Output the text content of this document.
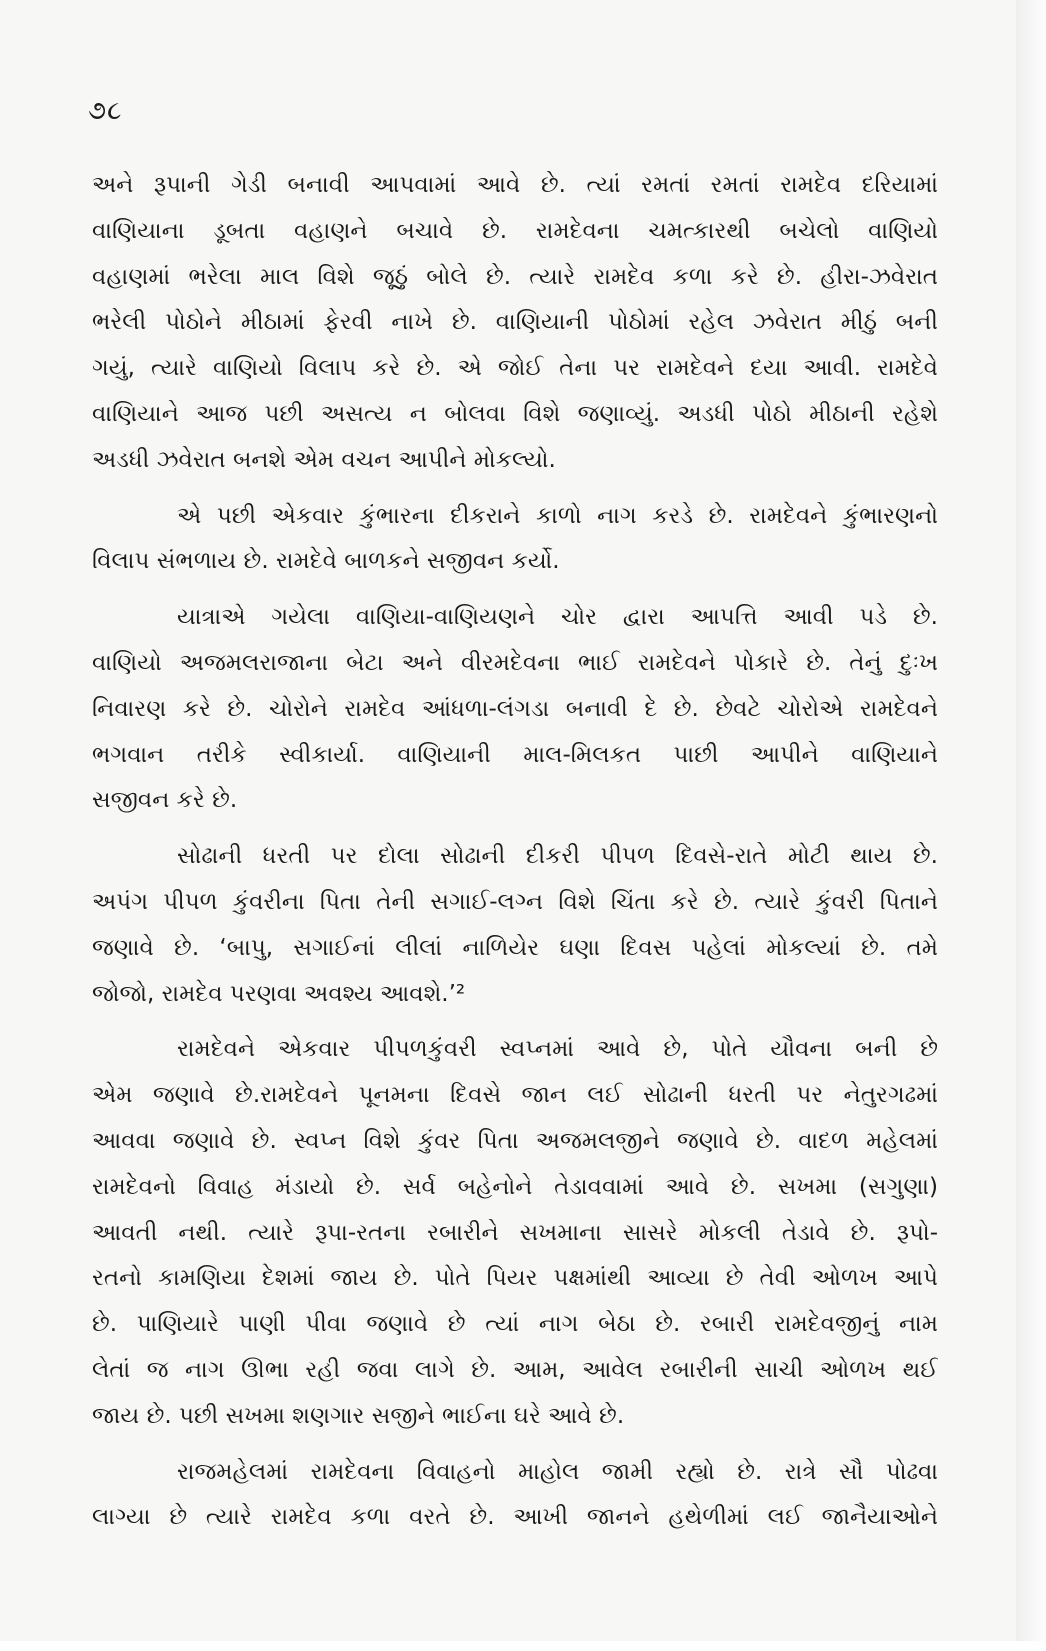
૭૮
અને રૂપાની ગેડી બનાવી આપવામાં આવે છે. ત્યાં રમતાં રમતાં રામદેવ દરિયામાં
વાણિયાના ડૂબતા વહાણને બચાવે છે. રામદેવના ચમત્કારથી બચેલો વાણિયો
વહાણમાં ભરેલા માલ વિશે જૂઠું બોલે છે. ત્યારે રામદેવ કળા કરે છે. હીરા-ઝવેરાત
ભરેલી પોઠોને મીઠામાં ફેરવી નાખે છે. વાણિયાની પોઠોમાં રહેલ ઝવેરાત મીઠું બની
ગયું, ત્યારે વાણિયો વિલાપ કરે છે. એ જોઈ તેના પર રામદેવને દયા આવી. રામદેવે
વાણિયાને આજ પછી અસત્ય ન બોલવા વિશે જણાવ્યું. અડધી પોઠો મીઠાની રહેશે
અડધી ઝવેરાત બનશે એમ વચન આપીને મોકલ્યો.
એ પછી એકવાર કુંભારના દીકરાને કાળો નાગ કરડે છે. રામદેવને કુંભારણનો
વિલાપ સંભળાય છે. રામદેવે બાળકને સજીવન કર્યો.
યાત્રાએ ગયેલા વાણિયા-વાણિયણને ચોર દ્વારા આપત્તિ આવી પડે છે.
વાણિયો અજમલરાજાના બેટા અને વીરમદેવના ભાઈ રામદેવને પોકારે છે. તેનું દુઃખ
નિવારણ કરે છે. ચોરોને રામદેવ આંધળા-લંગડા બનાવી દે છે. છેવટે ચોરોએ રામદેવને
ભગવાન તરીકે સ્વીકાર્યા. વાણિયાની માલ-મિલકત પાછી આપીને વાણિયાને
સજીવન કરે છે.
સોઢાની ધરતી પર દોલા સોઢાની દીકરી પીપળ દિવસે-રાતે મોટી થાય છે.
અપંગ પીપળ કુંવરીના પિતા તેની સગાઈ-લગ્ન વિશે ચિંતા કરે છે. ત્યારે કુંવરી પિતાને
જણાવે છે. ‘બાપુ, સગાઈનાં લીલાં નાળિયેર ઘણા દિવસ પહેલાં મોકલ્યાં છે. તમે
જોજો, રામદેવ પરણવા અવશ્ય આવશે.’²
રામદેવને એકવાર પીપળકુંવરી સ્વપ્નમાં આવે છે, પોતે યૌવના બની છે
એમ જણાવે છે.રામદેવને પૂનમના દિવસે જાન લઈ સોઢાની ધરતી પર નેતુરગઢમાં
આવવા જણાવે છે. સ્વપ્ન વિશે કુંવર પિતા અજમલજીને જણાવે છે. વાદળ મહેલમાં
રામદેવનો વિવાહ મંડાયો છે. સર્વ બહેનોને તેડાવવામાં આવે છે. સખમા (સગુણા)
આવતી નથી. ત્યારે રૂપા-રતના રબારીને સખમાના સાસરે મોકલી તેડાવે છે. રૂપો-
રતનો કામણિયા દેશમાં જાય છે. પોતે પિયર પક્ષમાંથી આવ્યા છે તેવી ઓળખ આપે
છે. પાણિયારે પાણી પીવા જણાવે છે ત્યાં નાગ બેઠા છે. રબારી રામદેવજીનું નામ
લેતાં જ નાગ ઊભા રહી જવા લાગે છે. આમ, આવેલ રબારીની સાચી ઓળખ થઈ
જાય છે. પછી સખમા શણગાર સજીને ભાઈના ઘરે આવે છે.
રાજમહેલમાં રામદેવના વિવાહનો માહોલ જામી રહ્યો છે. રાત્રે સૌ પોઢવા
લાગ્યા છે ત્યારે રામદેવ કળા વરતે છે. આખી જાનને હથેળીમાં લઈ જાનૈયાઓને
